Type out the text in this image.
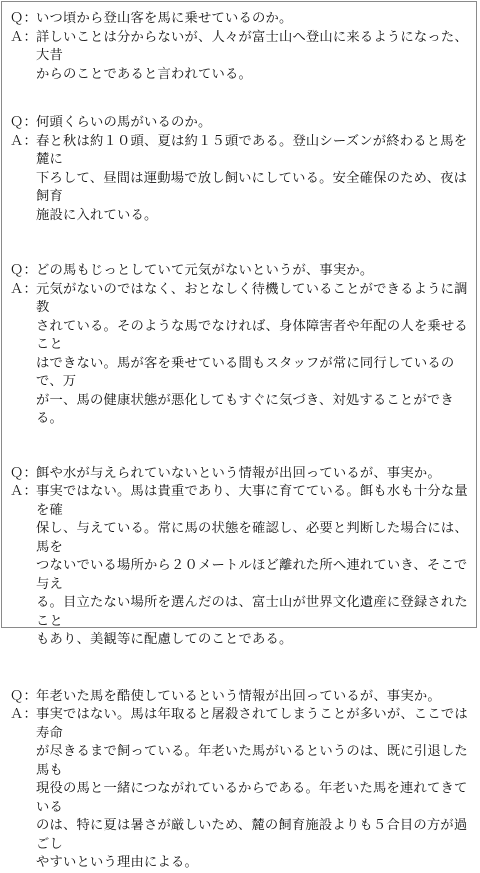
Ｑ： いつ頃から登山客を馬に乗せているのか。
Ａ： 詳しいことは分からないが、人々が富士山へ登山に来るようになった、大昔
からのことであると言われている。
Ｑ： 何頭くらいの馬がいるのか。
Ａ： 春と秋は約１０頭、夏は約１５頭である。登山シーズンが終わると馬を麓に
下ろして、昼間は運動場で放し飼いにしている。安全確保のため、夜は飼育
施設に入れている。
Ｑ： どの馬もじっとしていて元気がないというが、事実か。
Ａ： 元気がないのではなく、おとなしく待機していることができるように調教
されている。そのような馬でなければ、身体障害者や年配の人を乗せること
はできない。馬が客を乗せている間もスタッフが常に同行しているので、万
が一、馬の健康状態が悪化してもすぐに気づき、対処することができる。
Ｑ： 餌や水が与えられていないという情報が出回っているが、事実か。
Ａ： 事実ではない。馬は貴重であり、大事に育てている。餌も水も十分な量を確
保し、与えている。常に馬の状態を確認し、必要と判断した場合には、馬を
つないでいる場所から２０メートルほど離れた所へ連れていき、そこで与え
る。目立たない場所を選んだのは、富士山が世界文化遺産に登録されたこと
もあり、美観等に配慮してのことである。
Ｑ： 年老いた馬を酷使しているという情報が出回っているが、事実か。
Ａ： 事実ではない。馬は年取ると屠殺されてしまうことが多いが、ここでは寿命
が尽きるまで飼っている。年老いた馬がいるというのは、既に引退した馬も
現役の馬と一緒につながれているからである。年老いた馬を連れてきている
のは、特に夏は暑さが厳しいため、麓の飼育施設よりも５合目の方が過ごし
やすいという理由による。
